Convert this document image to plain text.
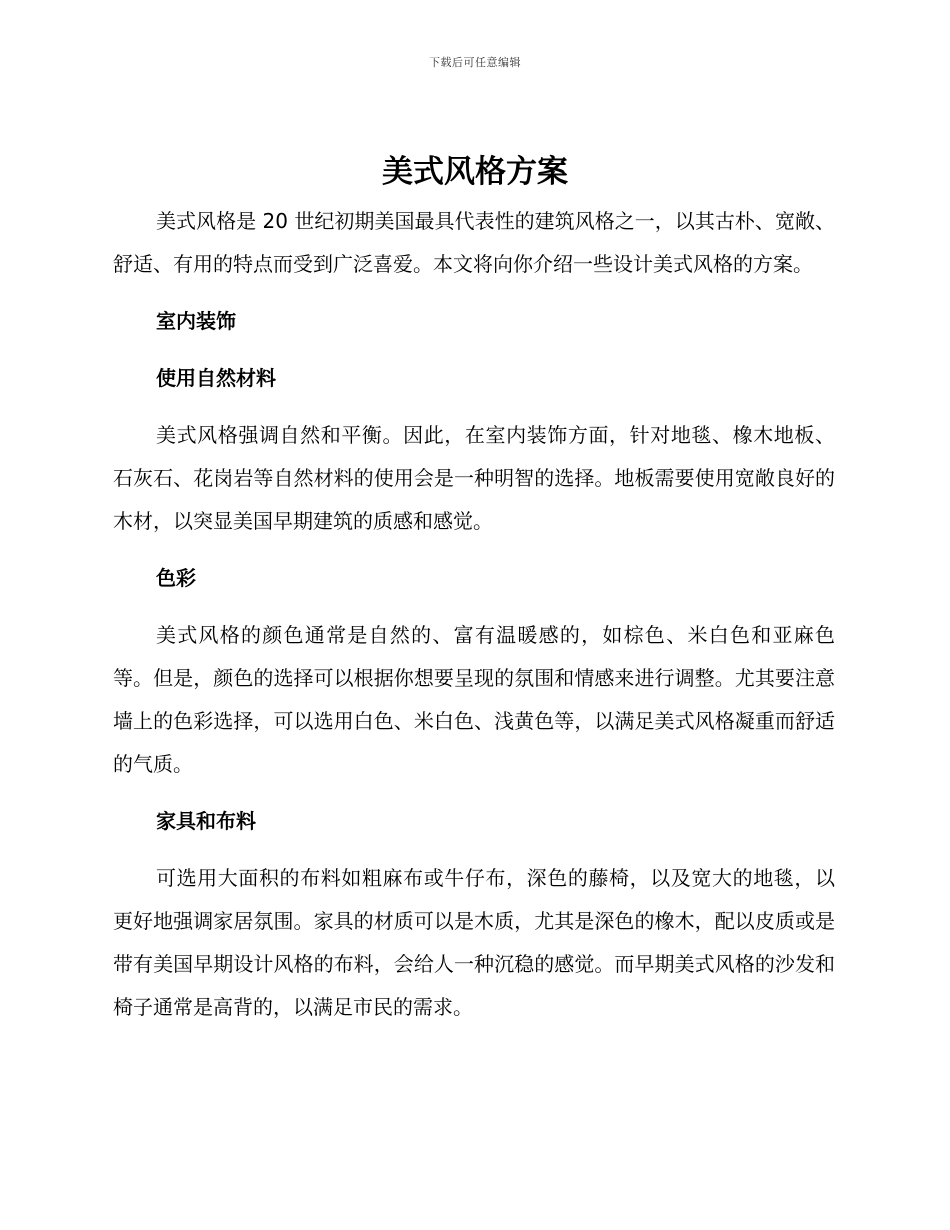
下载后可任意编辑
美式风格方案

美式风格是 20 世纪初期美国最具代表性的建筑风格之一，以其古朴、宽敞、舒适、有用的特点而受到广泛喜爱。本文将向你介绍一些设计美式风格的方案。

室内装饰
使用自然材料

美式风格强调自然和平衡。因此，在室内装饰方面，针对地毯、橡木地板、石灰石、花岗岩等自然材料的使用会是一种明智的选择。地板需要使用宽敞良好的木材，以突显美国早期建筑的质感和感觉。

色彩

美式风格的颜色通常是自然的、富有温暖感的，如棕色、米白色和亚麻色等。但是，颜色的选择可以根据你想要呈现的氛围和情感来进行调整。尤其要注意墙上的色彩选择，可以选用白色、米白色、浅黄色等，以满足美式风格凝重而舒适的气质。

家具和布料

可选用大面积的布料如粗麻布或牛仔布，深色的藤椅，以及宽大的地毯，以更好地强调家居氛围。家具的材质可以是木质，尤其是深色的橡木，配以皮质或是带有美国早期设计风格的布料，会给人一种沉稳的感觉。而早期美式风格的沙发和椅子通常是高背的，以满足市民的需求。
